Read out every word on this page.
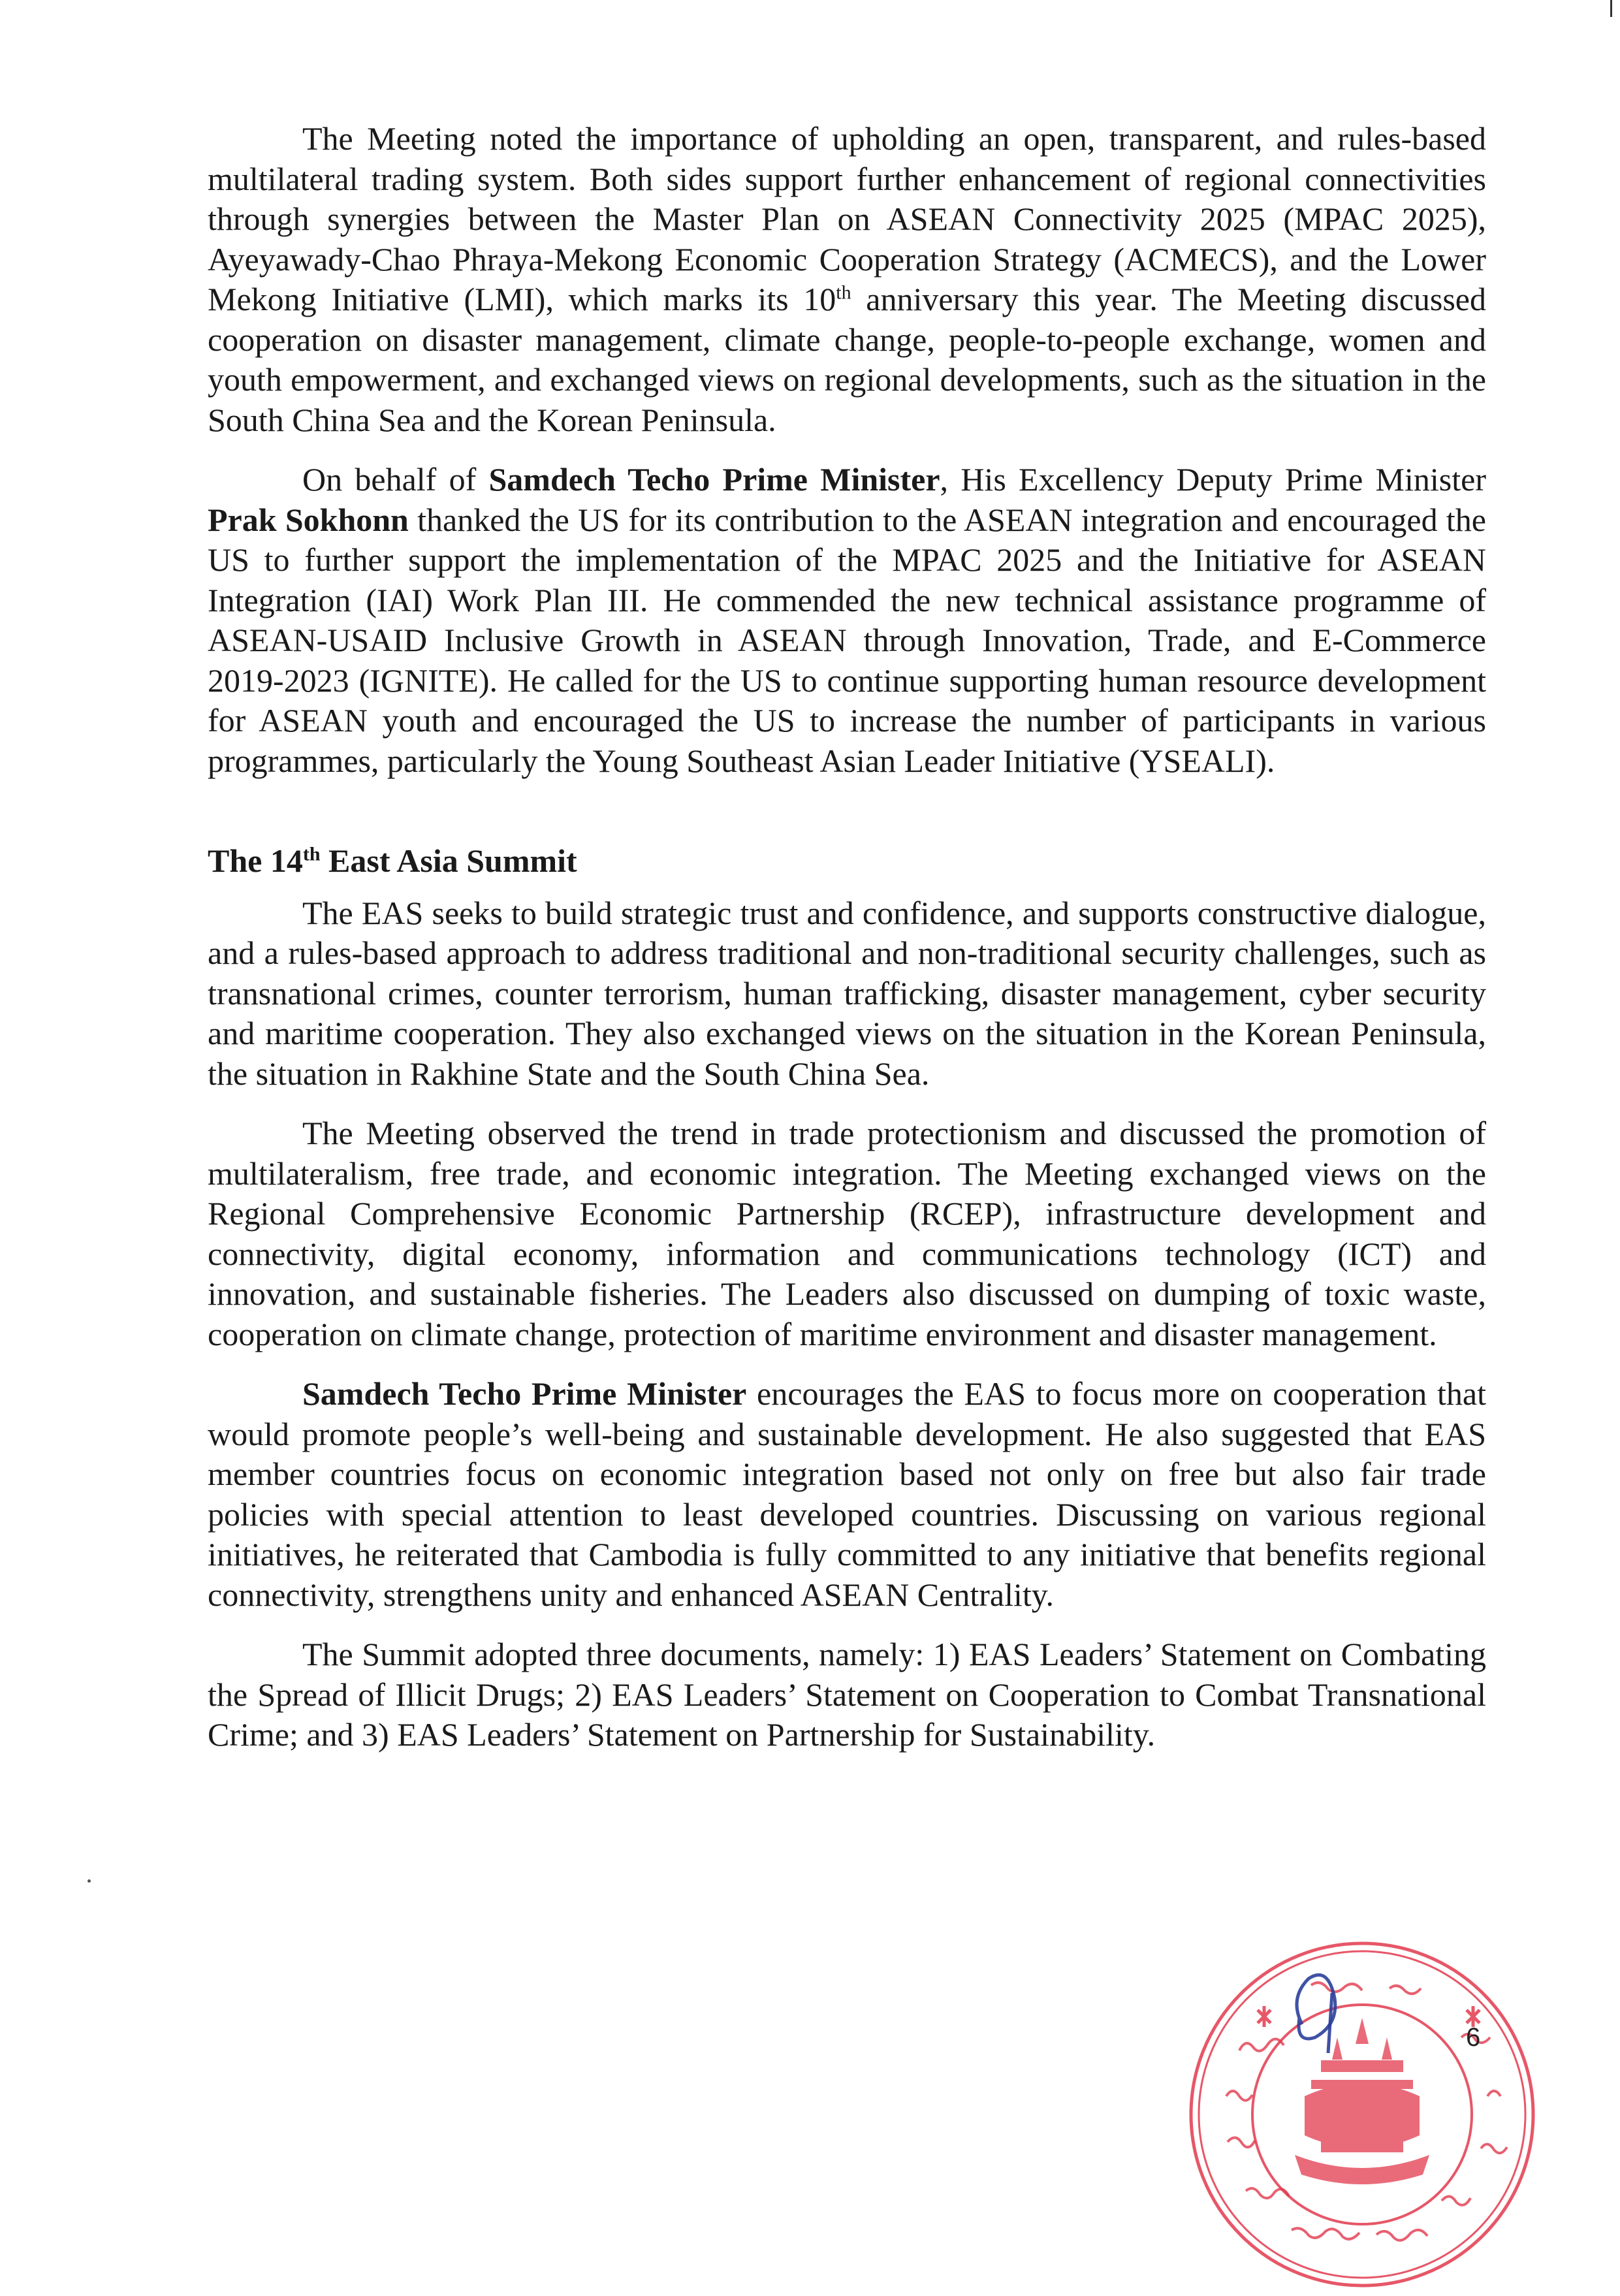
The Meeting noted the importance of upholding an open, transparent, and rules-based multilateral trading system. Both sides support further enhancement of regional connectivities through synergies between the Master Plan on ASEAN Connectivity 2025 (MPAC 2025), Ayeyawady-Chao Phraya-Mekong Economic Cooperation Strategy (ACMECS), and the Lower Mekong Initiative (LMI), which marks its 10th anniversary this year. The Meeting discussed cooperation on disaster management, climate change, people-to-people exchange, women and youth empowerment, and exchanged views on regional developments, such as the situation in the South China Sea and the Korean Peninsula.

On behalf of Samdech Techo Prime Minister, His Excellency Deputy Prime Minister Prak Sokhonn thanked the US for its contribution to the ASEAN integration and encouraged the US to further support the implementation of the MPAC 2025 and the Initiative for ASEAN Integration (IAI) Work Plan III. He commended the new technical assistance programme of ASEAN-USAID Inclusive Growth in ASEAN through Innovation, Trade, and E-Commerce 2019-2023 (IGNITE). He called for the US to continue supporting human resource development for ASEAN youth and encouraged the US to increase the number of participants in various programmes, particularly the Young Southeast Asian Leader Initiative (YSEALI).

The 14th East Asia Summit

The EAS seeks to build strategic trust and confidence, and supports constructive dialogue, and a rules-based approach to address traditional and non-traditional security challenges, such as transnational crimes, counter terrorism, human trafficking, disaster management, cyber security and maritime cooperation. They also exchanged views on the situation in the Korean Peninsula, the situation in Rakhine State and the South China Sea.

The Meeting observed the trend in trade protectionism and discussed the promotion of multilateralism, free trade, and economic integration. The Meeting exchanged views on the Regional Comprehensive Economic Partnership (RCEP), infrastructure development and connectivity, digital economy, information and communications technology (ICT) and innovation, and sustainable fisheries. The Leaders also discussed on dumping of toxic waste, cooperation on climate change, protection of maritime environment and disaster management.

Samdech Techo Prime Minister encourages the EAS to focus more on cooperation that would promote people’s well-being and sustainable development. He also suggested that EAS member countries focus on economic integration based not only on free but also fair trade policies with special attention to least developed countries. Discussing on various regional initiatives, he reiterated that Cambodia is fully committed to any initiative that benefits regional connectivity, strengthens unity and enhanced ASEAN Centrality.

The Summit adopted three documents, namely: 1) EAS Leaders’ Statement on Combating the Spread of Illicit Drugs; 2) EAS Leaders’ Statement on Cooperation to Combat Transnational Crime; and 3) EAS Leaders’ Statement on Partnership for Sustainability.

6
